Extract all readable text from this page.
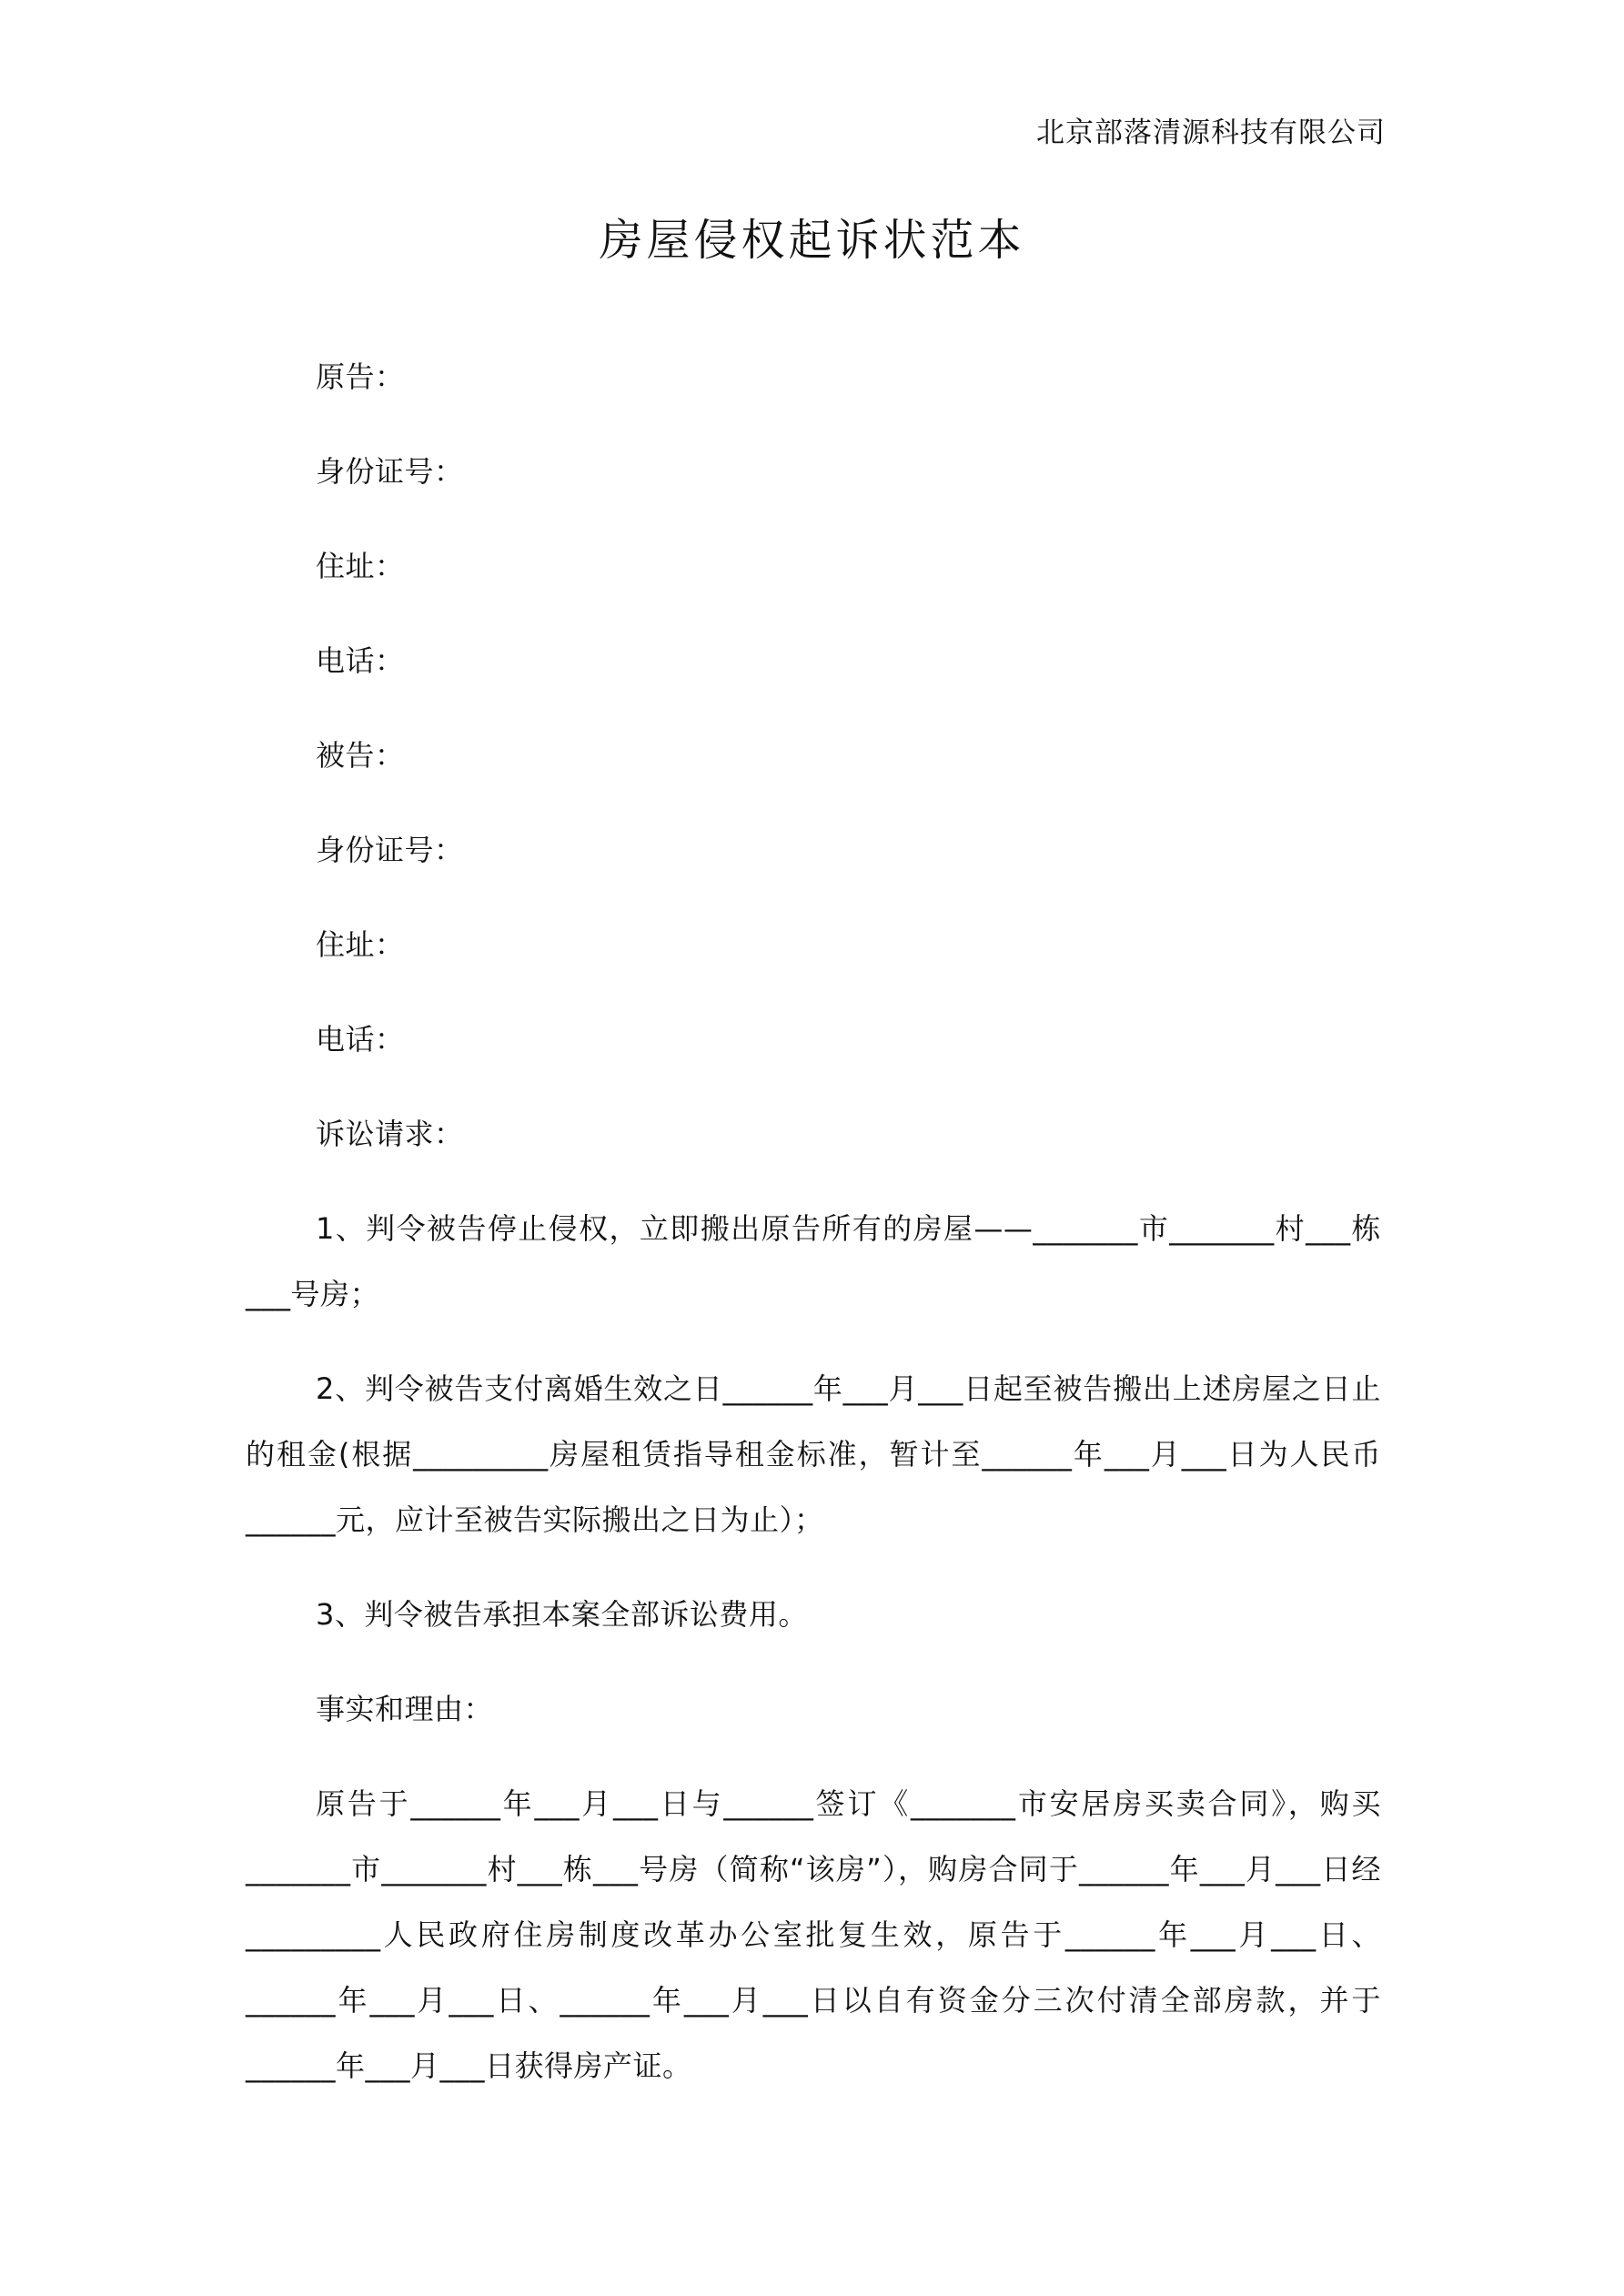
北京部落清源科技有限公司
房屋侵权起诉状范本
原告：
身份证号：
住址：
电话：
被告：
身份证号：
住址：
电话：
诉讼请求：
1、判令被告停止侵权，立即搬出原告所有的房屋——_______市_______村___栋___号房；
2、判令被告支付离婚生效之日______年___月___日起至被告搬出上述房屋之日止的租金(根据_________房屋租赁指导租金标准，暂计至______年___月___日为人民币______元，应计至被告实际搬出之日为止）；
3、判令被告承担本案全部诉讼费用。
事实和理由：
原告于______年___月___日与______签订《_______市安居房买卖合同》，购买_______市_______村___栋___号房（简称“该房”），购房合同于______年___月___日经_________人民政府住房制度改革办公室批复生效，原告于______年___月___日、______年___月___日、______年___月___日以自有资金分三次付清全部房款，并于______年___月___日获得房产证。
